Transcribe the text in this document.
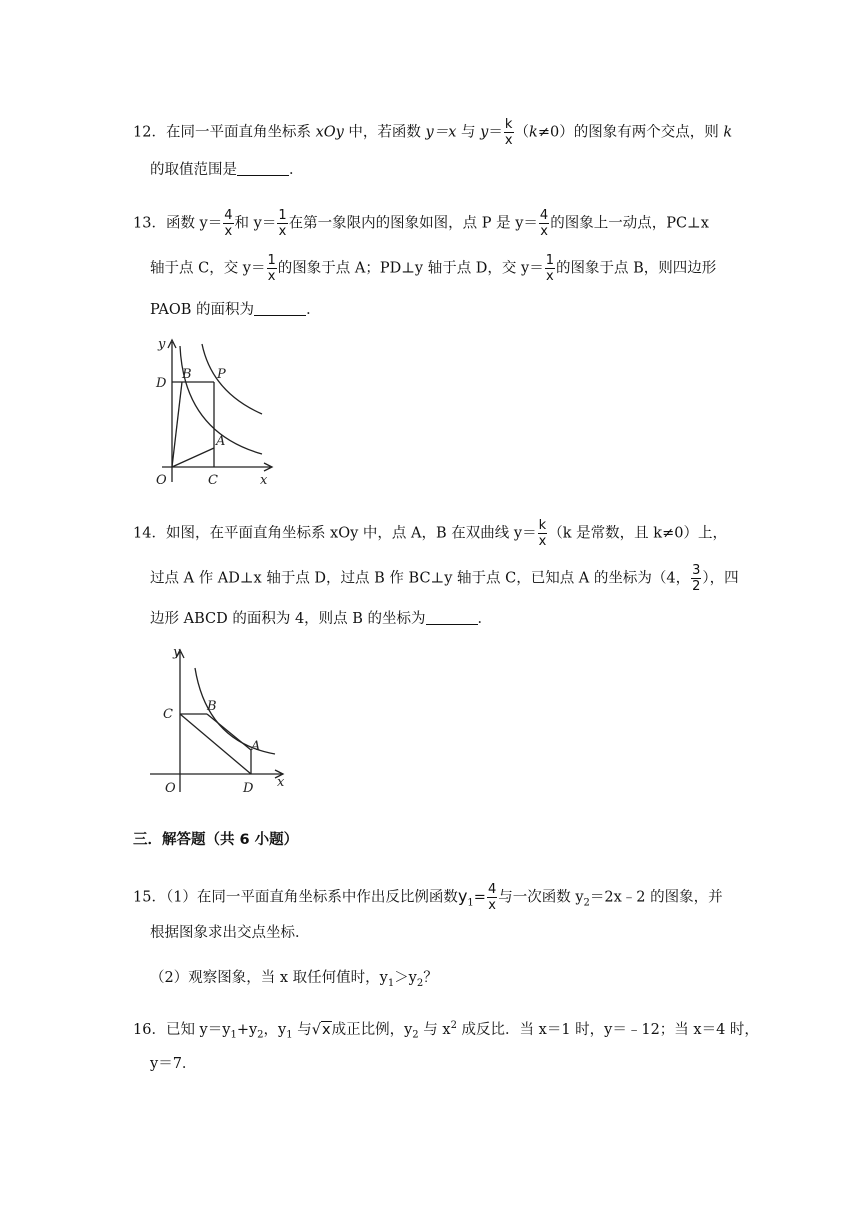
12．在同一平面直角坐标系 xOy 中，若函数 y＝x 与 $y= \frac{k}{x} (k\ne 0)$的图象有两个交点，则 k
的取值范围是	．
13．函数 $y= \frac{4}{x}$ 和 $y= \frac{1}{x}$ 在第一象限内的图象如图，点 P 是 $y= \frac{4}{x}$ 的图象上一动点，PC⊥x
轴于点 C，交 $y= \frac{1}{x}$ 的图象于点 A；PD⊥y 轴于点 D，交 $y= \frac{1}{x}$ 的图象于点 B，则四边形
PAOB 的面积为	．
y
D
B P
A
O	C	x
14．如图，在平面直角坐标系 xOy 中，点 A，B 在双曲线 $y= \frac{k}{x} (k$ 是常数，且 k≠0）上，
过点 A 作 AD⊥x 轴于点 D，过点 B 作 BC⊥y 轴于点 C，已知点 A 的坐标为（4， $\frac{3}{2}$ ），四
边形 ABCD 的面积为 4，则点 B 的坐标为	．
y
C
B
A
O	D x
三．解答题（共 6 小题）
15．（1）在同一平面直角坐标系中作出反比例函数$y_1= \frac{4}{x}$ 与一次函数 $y_2=2x﹣2$ 的图象，并
根据图象求出交点坐标．
（2）观察图象，当 x 取任何值时，$y_1>y_2$？
16．已知 $y=y_1+y_2$，$y_1$ 与√x成正比例，$y_2$ 与 $x^2$ 成反比．当 x＝1 时，y＝﹣12；当 x＝4 时，
y＝7．
